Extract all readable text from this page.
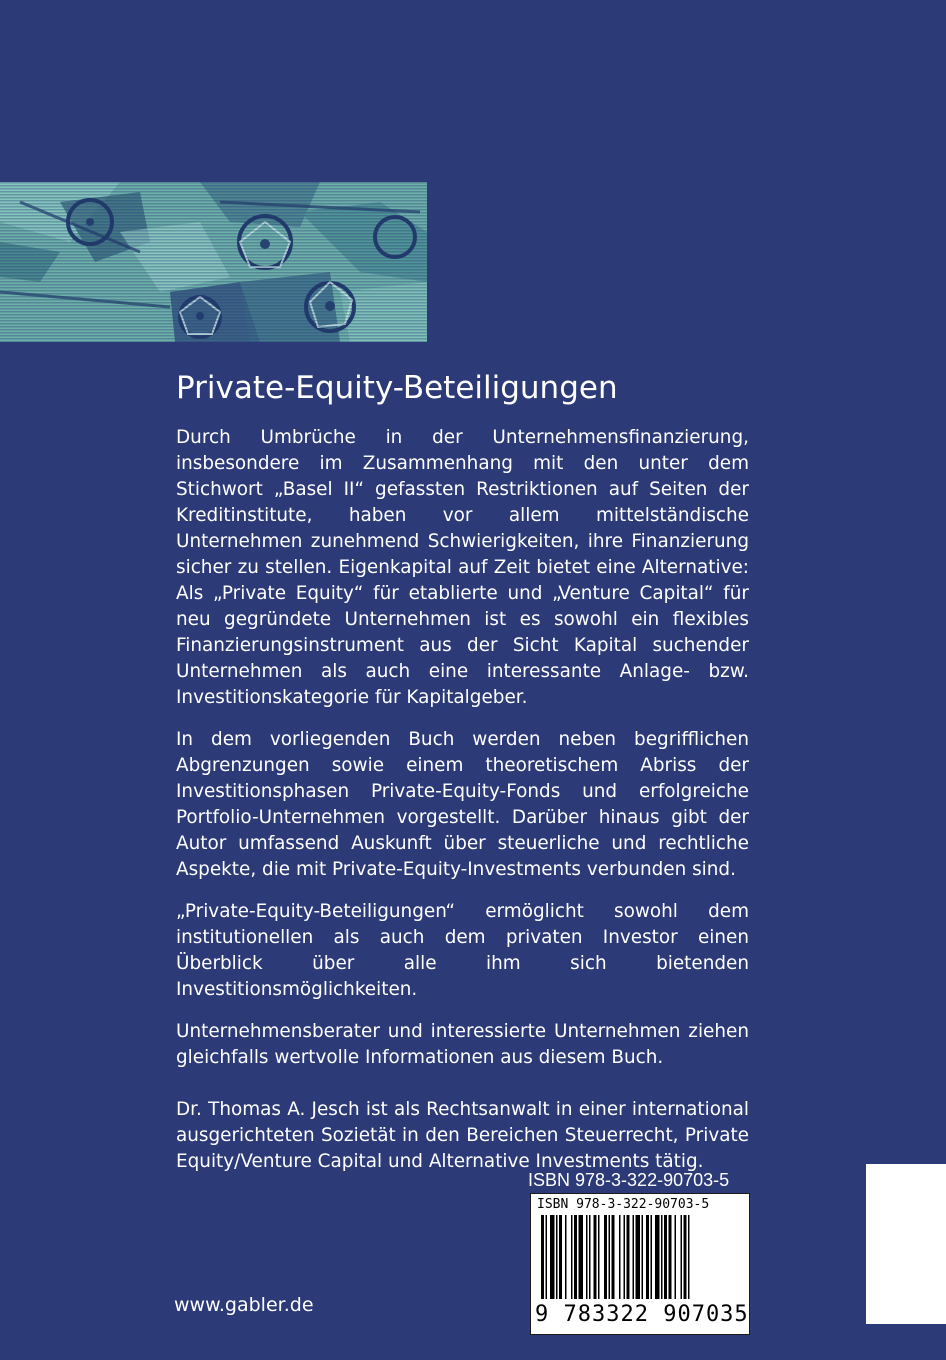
Private-Equity-Beteiligungen

Durch Umbrüche in der Unternehmensfinanzierung, insbesondere im Zusammenhang mit den unter dem Stichwort „Basel II“ gefassten Restriktionen auf Seiten der Kreditinstitute, haben vor allem mittelständische Unternehmen zunehmend Schwierigkeiten, ihre Finanzierung sicher zu stellen. Eigenkapital auf Zeit bietet eine Alternative: Als „Private Equity“ für etablierte und „Venture Capital“ für neu gegründete Unternehmen ist es sowohl ein flexibles Finanzierungsinstrument aus der Sicht Kapital suchender Unternehmen als auch eine interessante Anlage- bzw. Investitionskategorie für Kapitalgeber.

In dem vorliegenden Buch werden neben begrifflichen Abgrenzungen sowie einem theoretischem Abriss der Investitionsphasen Private-Equity-Fonds und erfolgreiche Portfolio-Unternehmen vorgestellt. Darüber hinaus gibt der Autor umfassend Auskunft über steuerliche und rechtliche Aspekte, die mit Private-Equity-Investments verbunden sind.

„Private-Equity-Beteiligungen“ ermöglicht sowohl dem institutionellen als auch dem privaten Investor einen Überblick über alle ihm sich bietenden Investitionsmöglichkeiten.

Unternehmensberater und interessierte Unternehmen ziehen gleichfalls wertvolle Informationen aus diesem Buch.

Dr. Thomas A. Jesch ist als Rechtsanwalt in einer international ausgerichteten Sozietät in den Bereichen Steuerrecht, Private Equity/Venture Capital und Alternative Investments tätig.

ISBN 978-3-322-90703-5
ISBN 978-3-322-90703-5
9 783322 907035
www.gabler.de
